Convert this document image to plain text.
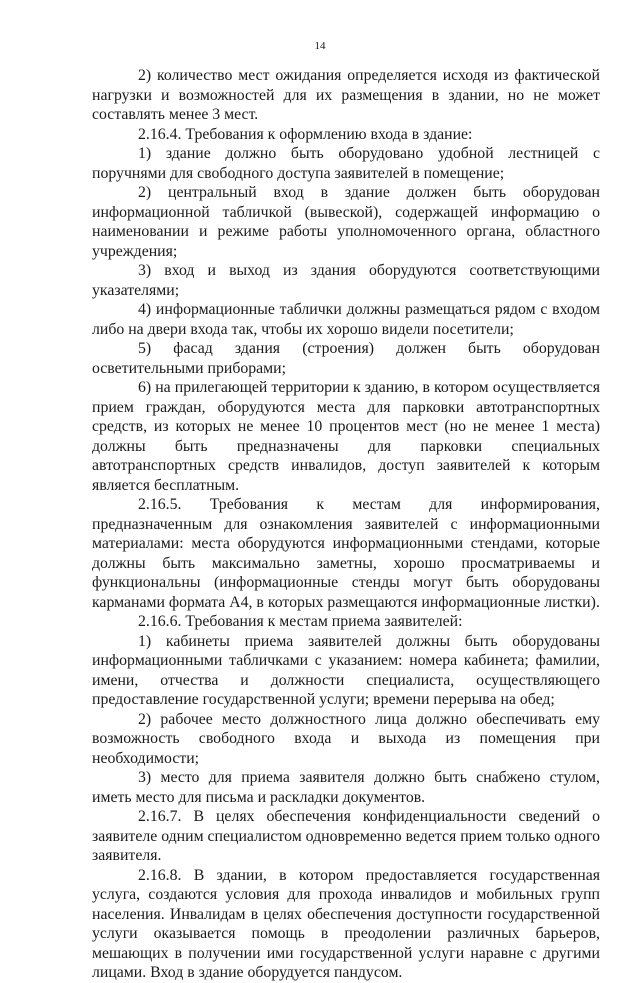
14

2) количество мест ожидания определяется исходя из фактической нагрузки и возможностей для их размещения в здании, но не может составлять менее 3 мест.

2.16.4. Требования к оформлению входа в здание:

1) здание должно быть оборудовано удобной лестницей с поручнями для свободного доступа заявителей в помещение;

2) центральный вход в здание должен быть оборудован информационной табличкой (вывеской), содержащей информацию о наименовании и режиме работы уполномоченного органа, областного учреждения;

3) вход и выход из здания оборудуются соответствующими указателями;

4) информационные таблички должны размещаться рядом с входом либо на двери входа так, чтобы их хорошо видели посетители;

5) фасад здания (строения) должен быть оборудован осветительными приборами;

6) на прилегающей территории к зданию, в котором осуществляется прием граждан, оборудуются места для парковки автотранспортных средств, из которых не менее 10 процентов мест (но не менее 1 места) должны быть предназначены для парковки специальных автотранспортных средств инвалидов, доступ заявителей к которым является бесплатным.

2.16.5. Требования к местам для информирования, предназначенным для ознакомления заявителей с информационными материалами: места оборудуются информационными стендами, которые должны быть максимально заметны, хорошо просматриваемы и функциональны (информационные стенды могут быть оборудованы карманами формата А4, в которых размещаются информационные листки).

2.16.6. Требования к местам приема заявителей:

1) кабинеты приема заявителей должны быть оборудованы информационными табличками с указанием: номера кабинета; фамилии, имени, отчества и должности специалиста, осуществляющего предоставление государственной услуги; времени перерыва на обед;

2) рабочее место должностного лица должно обеспечивать ему возможность свободного входа и выхода из помещения при необходимости;

3) место для приема заявителя должно быть снабжено стулом, иметь место для письма и раскладки документов.

2.16.7. В целях обеспечения конфиденциальности сведений о заявителе одним специалистом одновременно ведется прием только одного заявителя.

2.16.8. В здании, в котором предоставляется государственная услуга, создаются условия для прохода инвалидов и мобильных групп населения. Инвалидам в целях обеспечения доступности государственной услуги оказывается помощь в преодолении различных барьеров, мешающих в получении ими государственной услуги наравне с другими лицами. Вход в здание оборудуется пандусом.
